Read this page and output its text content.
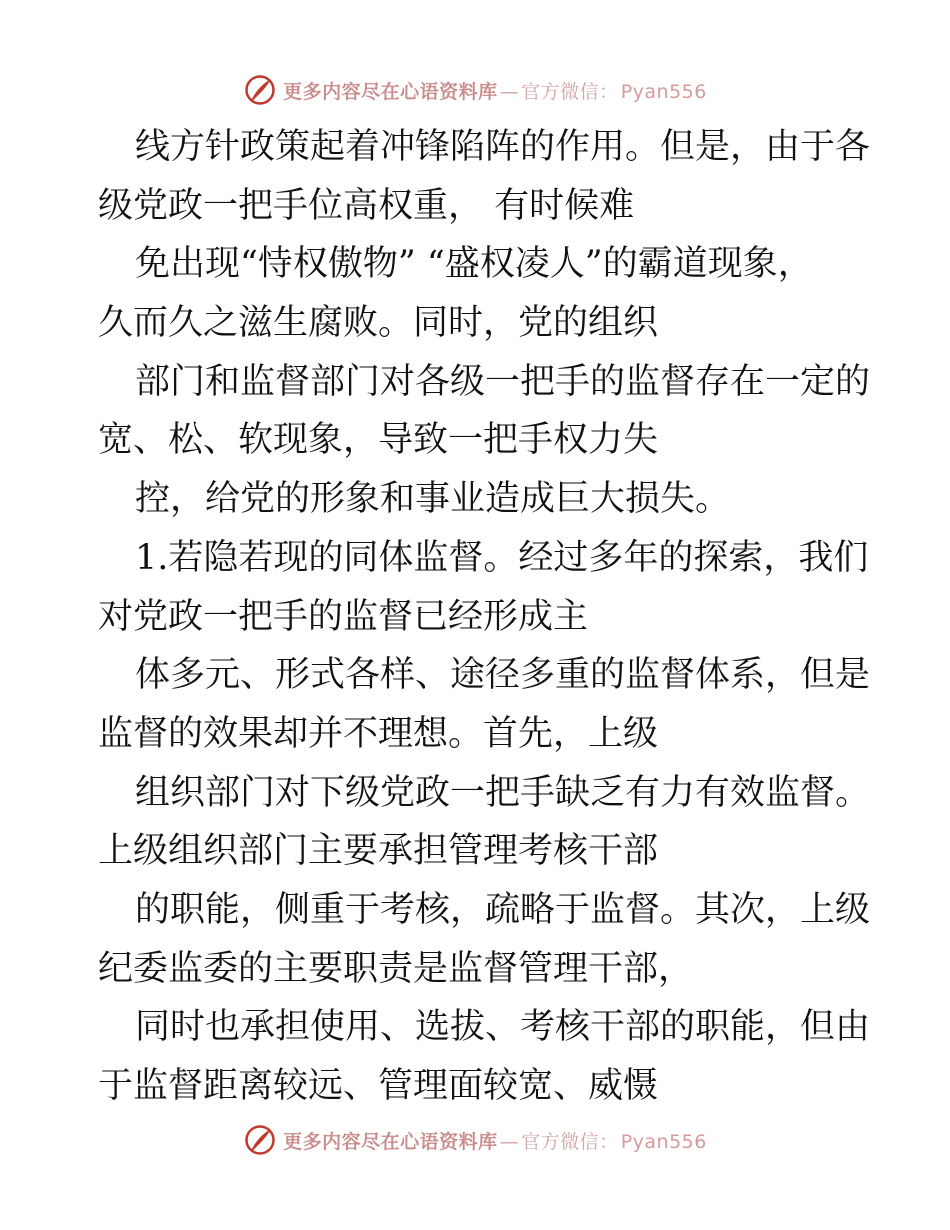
更多内容尽在心语资料库 — 官方微信： Pyan556
线方针政策起着冲锋陷阵的作用。但是，由于各
级党政一把手位高权重， 有时候难
免出现“恃权傲物” “盛权凌人”的霸道现象，
久而久之滋生腐败。同时，党的组织
部门和监督部门对各级一把手的监督存在一定的
宽、松、软现象，导致一把手权力失
控，给党的形象和事业造成巨大损失。
1.若隐若现的同体监督。经过多年的探索，我们
对党政一把手的监督已经形成主
体多元、形式各样、途径多重的监督体系，但是
监督的效果却并不理想。首先，上级
组织部门对下级党政一把手缺乏有力有效监督。
上级组织部门主要承担管理考核干部
的职能，侧重于考核，疏略于监督。其次，上级
纪委监委的主要职责是监督管理干部，
同时也承担使用、选拔、考核干部的职能，但由
于监督距离较远、管理面较宽、威慑
更多内容尽在心语资料库 — 官方微信： Pyan556
